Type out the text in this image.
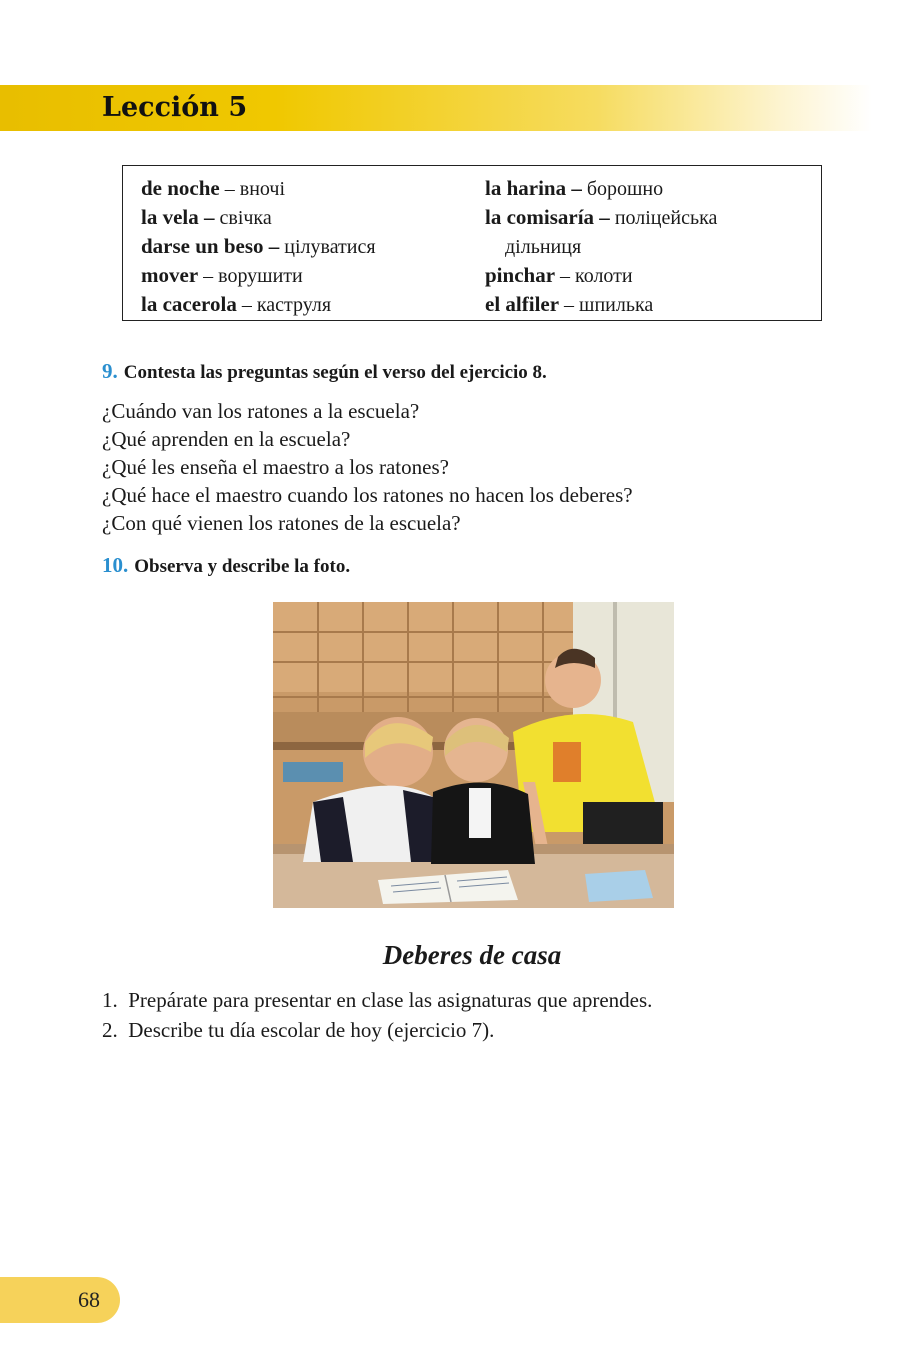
Lección 5
de noche – вночі
la vela – свічка
darse un beso – цілуватися
mover – ворушити
la cacerola – каструля
la harina – борошно
la comisaría – поліцейська
дільниця
pinchar – колоти
el alfiler – шпилька
9. Contesta las preguntas según el verso del ejercicio 8.
¿Cuándo van los ratones a la escuela?
¿Qué aprenden en la escuela?
¿Qué les enseña el maestro a los ratones?
¿Qué hace el maestro cuando los ratones no hacen los deberes?
¿Con qué vienen los ratones de la escuela?
10. Observa y describe la foto.
Deberes de casa
1.  Prepárate para presentar en clase las asignaturas que aprendes.
2.  Describe tu día escolar de hoy (ejercicio 7).
68
